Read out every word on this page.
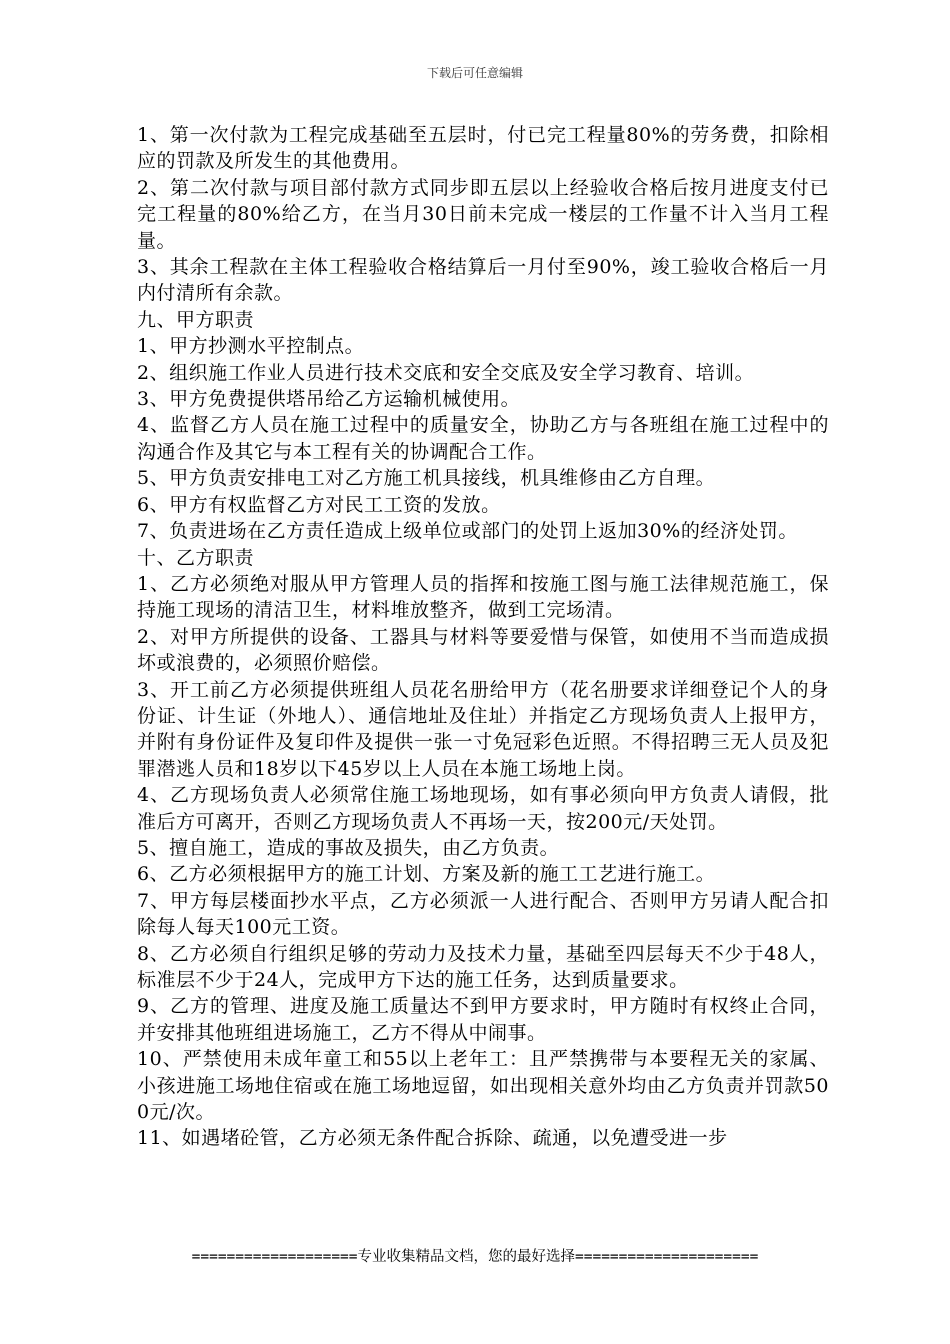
下载后可任意编辑

1、第一次付款为工程完成基础至五层时，付已完工程量80%的劳务费，扣除相应的罚款及所发生的其他费用。

2、第二次付款与项目部付款方式同步即五层以上经验收合格后按月进度支付已完工程量的80%给乙方，在当月30日前未完成一楼层的工作量不计入当月工程量。

3、其余工程款在主体工程验收合格结算后一月付至90%，竣工验收合格后一月内付清所有余款。

九、甲方职责

1、甲方抄测水平控制点。

2、组织施工作业人员进行技术交底和安全交底及安全学习教育、培训。

3、甲方免费提供塔吊给乙方运输机械使用。

4、监督乙方人员在施工过程中的质量安全，协助乙方与各班组在施工过程中的沟通合作及其它与本工程有关的协调配合工作。

5、甲方负责安排电工对乙方施工机具接线，机具维修由乙方自理。

6、甲方有权监督乙方对民工工资的发放。

7、负责进场在乙方责任造成上级单位或部门的处罚上返加30%的经济处罚。

十、乙方职责

1、乙方必须绝对服从甲方管理人员的指挥和按施工图与施工法律规范施工，保持施工现场的清洁卫生，材料堆放整齐，做到工完场清。

2、对甲方所提供的设备、工器具与材料等要爱惜与保管，如使用不当而造成损坏或浪费的，必须照价赔偿。

3、开工前乙方必须提供班组人员花名册给甲方（花名册要求详细登记个人的身份证、计生证（外地人）、通信地址及住址）并指定乙方现场负责人上报甲方，并附有身份证件及复印件及提供一张一寸免冠彩色近照。不得招聘三无人员及犯罪潜逃人员和18岁以下45岁以上人员在本施工场地上岗。

4、乙方现场负责人必须常住施工场地现场，如有事必须向甲方负责人请假，批准后方可离开，否则乙方现场负责人不再场一天，按200元/天处罚。

5、擅自施工，造成的事故及损失，由乙方负责。

6、乙方必须根据甲方的施工计划、方案及新的施工工艺进行施工。

7、甲方每层楼面抄水平点，乙方必须派一人进行配合、否则甲方另请人配合扣除每人每天100元工资。

8、乙方必须自行组织足够的劳动力及技术力量，基础至四层每天不少于48人，标准层不少于24人，完成甲方下达的施工任务，达到质量要求。

9、乙方的管理、进度及施工质量达不到甲方要求时，甲方随时有权终止合同，并安排其他班组进场施工，乙方不得从中闹事。

10、严禁使用未成年童工和55以上老年工：且严禁携带与本要程无关的家属、小孩进施工场地住宿或在施工场地逗留，如出现相关意外均由乙方负责并罚款500元/次。

11、如遇堵砼管，乙方必须无条件配合拆除、疏通，以免遭受进一步

===================专业收集精品文档，您的最好选择=====================
